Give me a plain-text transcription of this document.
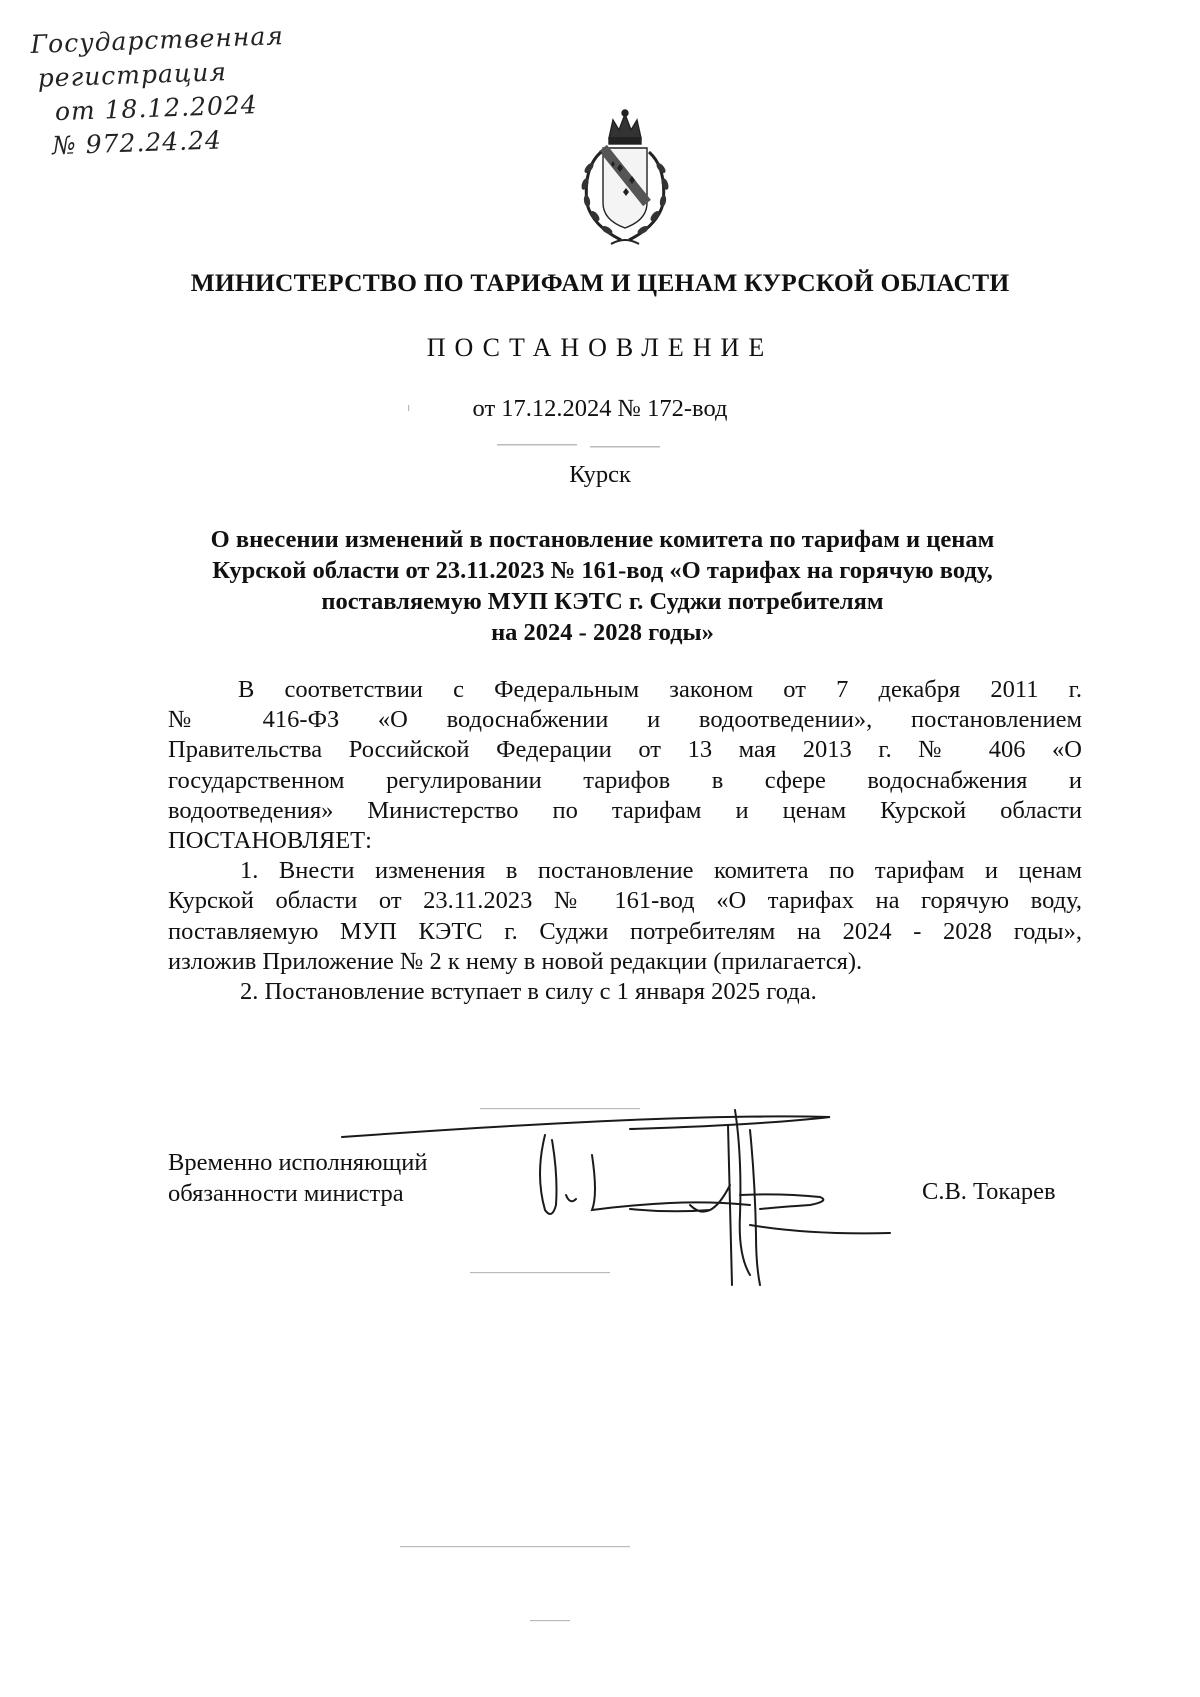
Государственная
регистрация
от 18.12.2024
№ 972.24.24
МИНИСТЕРСТВО ПО ТАРИФАМ И ЦЕНАМ КУРСКОЙ ОБЛАСТИ
ПОСТАНОВЛЕНИЕ
от 17.12.2024 № 172-вод
Курск
О внесении изменений в постановление комитета по тарифам и ценам
Курской области от 23.11.2023 № 161-вод «О тарифах на горячую воду,
поставляемую МУП КЭТС г. Суджи потребителям
на 2024 - 2028 годы»
В соответствии с Федеральным законом от 7 декабря 2011 г.
№ 416-ФЗ «О водоснабжении и водоотведении», постановлением
Правительства Российской Федерации от 13 мая 2013 г. № 406 «О
государственном регулировании тарифов в сфере водоснабжения и
водоотведения» Министерство по тарифам и ценам Курской области
ПОСТАНОВЛЯЕТ:
1. Внести изменения в постановление комитета по тарифам и ценам
Курской области от 23.11.2023 № 161-вод «О тарифах на горячую воду,
поставляемую МУП КЭТС г. Суджи потребителям на 2024 - 2028 годы»,
изложив Приложение № 2 к нему в новой редакции (прилагается).
2. Постановление вступает в силу с 1 января 2025 года.
Временно исполняющий
обязанности министра	С.В. Токарев
